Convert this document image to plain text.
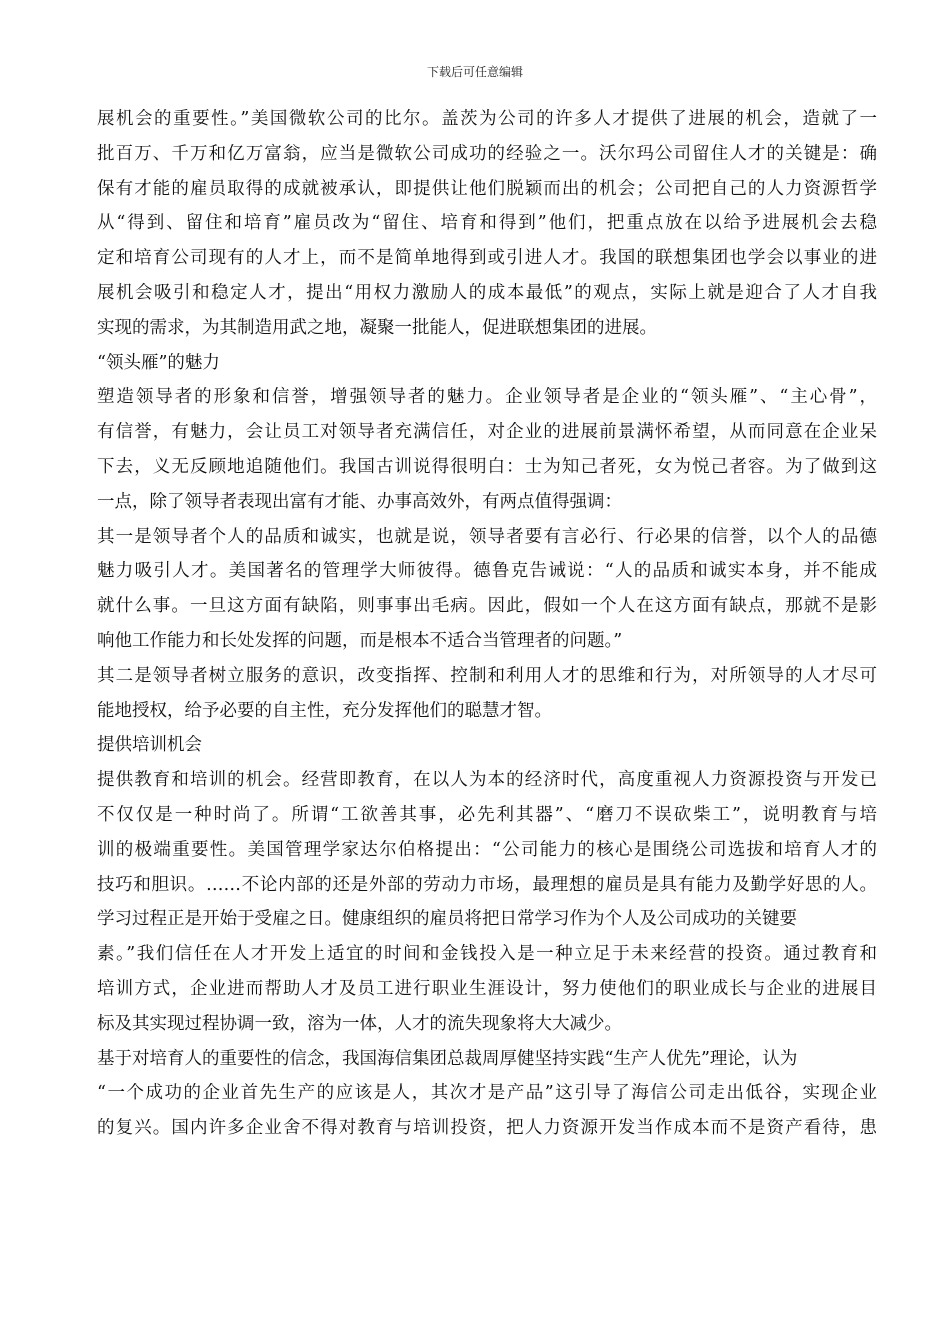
下载后可任意编辑
展机会的重要性。”美国微软公司的比尔。盖茨为公司的许多人才提供了进展的机会，造就了一
批百万、千万和亿万富翁，应当是微软公司成功的经验之一。沃尔玛公司留住人才的关键是：确
保有才能的雇员取得的成就被承认，即提供让他们脱颖而出的机会；公司把自己的人力资源哲学
从“得到、留住和培育”雇员改为“留住、培育和得到”他们，把重点放在以给予进展机会去稳
定和培育公司现有的人才上，而不是简单地得到或引进人才。我国的联想集团也学会以事业的进
展机会吸引和稳定人才，提出“用权力激励人的成本最低”的观点，实际上就是迎合了人才自我
实现的需求，为其制造用武之地，凝聚一批能人，促进联想集团的进展。
“领头雁”的魅力
塑造领导者的形象和信誉，增强领导者的魅力。企业领导者是企业的“领头雁”、“主心骨”，
有信誉，有魅力，会让员工对领导者充满信任，对企业的进展前景满怀希望，从而同意在企业呆
下去，义无反顾地追随他们。我国古训说得很明白：士为知己者死，女为悦己者容。为了做到这
一点，除了领导者表现出富有才能、办事高效外，有两点值得强调：
其一是领导者个人的品质和诚实，也就是说，领导者要有言必行、行必果的信誉，以个人的品德
魅力吸引人才。美国著名的管理学大师彼得。德鲁克告诫说：“人的品质和诚实本身，并不能成
就什么事。一旦这方面有缺陷，则事事出毛病。因此，假如一个人在这方面有缺点，那就不是影
响他工作能力和长处发挥的问题，而是根本不适合当管理者的问题。”
其二是领导者树立服务的意识，改变指挥、控制和利用人才的思维和行为，对所领导的人才尽可
能地授权，给予必要的自主性，充分发挥他们的聪慧才智。
提供培训机会
提供教育和培训的机会。经营即教育，在以人为本的经济时代，高度重视人力资源投资与开发已
不仅仅是一种时尚了。所谓“工欲善其事，必先利其器”、“磨刀不误砍柴工”，说明教育与培
训的极端重要性。美国管理学家达尔伯格提出：“公司能力的核心是围绕公司选拔和培育人才的
技巧和胆识。……不论内部的还是外部的劳动力市场，最理想的雇员是具有能力及勤学好思的人。
学习过程正是开始于受雇之日。健康组织的雇员将把日常学习作为个人及公司成功的关键要
素。”我们信任在人才开发上适宜的时间和金钱投入是一种立足于未来经营的投资。通过教育和
培训方式，企业进而帮助人才及员工进行职业生涯设计，努力使他们的职业成长与企业的进展目
标及其实现过程协调一致，溶为一体，人才的流失现象将大大减少。
基于对培育人的重要性的信念，我国海信集团总裁周厚健坚持实践“生产人优先”理论，认为
“一个成功的企业首先生产的应该是人，其次才是产品”这引导了海信公司走出低谷，实现企业
的复兴。国内许多企业舍不得对教育与培训投资，把人力资源开发当作成本而不是资产看待，患
